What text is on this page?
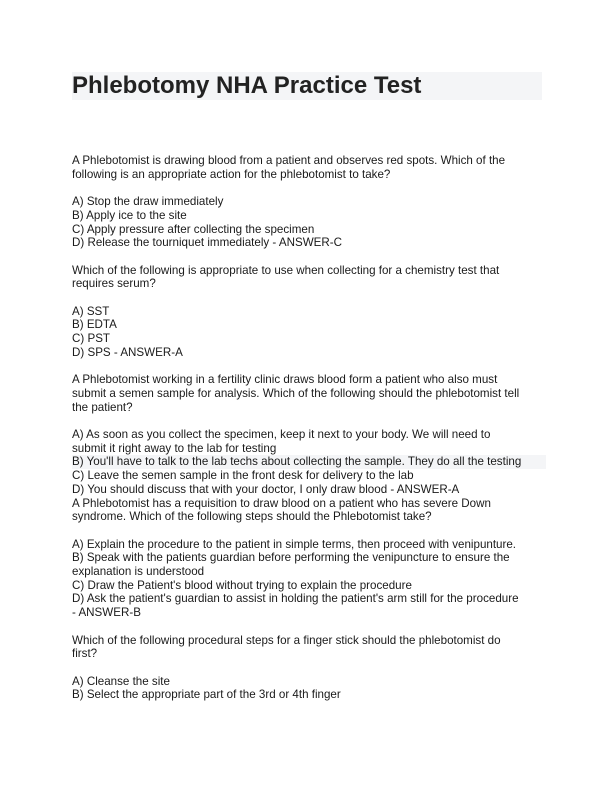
Phlebotomy NHA Practice Test
A Phlebotomist is drawing blood from a patient and observes red spots. Which of the
following is an appropriate action for the phlebotomist to take?
A) Stop the draw immediately
B) Apply ice to the site
C) Apply pressure after collecting the specimen
D) Release the tourniquet immediately - ANSWER-C
Which of the following is appropriate to use when collecting for a chemistry test that
requires serum?
A) SST
B) EDTA
C) PST
D) SPS - ANSWER-A
A Phlebotomist working in a fertility clinic draws blood form a patient who also must
submit a semen sample for analysis. Which of the following should the phlebotomist tell
the patient?
A) As soon as you collect the specimen, keep it next to your body. We will need to
submit it right away to the lab for testing
B) You'll have to talk to the lab techs about collecting the sample. They do all the testing
C) Leave the semen sample in the front desk for delivery to the lab
D) You should discuss that with your doctor, I only draw blood - ANSWER-A
A Phlebotomist has a requisition to draw blood on a patient who has severe Down
syndrome. Which of the following steps should the Phlebotomist take?
A) Explain the procedure to the patient in simple terms, then proceed with venipunture.
B) Speak with the patients guardian before performing the venipuncture to ensure the
explanation is understood
C) Draw the Patient's blood without trying to explain the procedure
D) Ask the patient's guardian to assist in holding the patient's arm still for the procedure
- ANSWER-B
Which of the following procedural steps for a finger stick should the phlebotomist do
first?
A) Cleanse the site
B) Select the appropriate part of the 3rd or 4th finger
